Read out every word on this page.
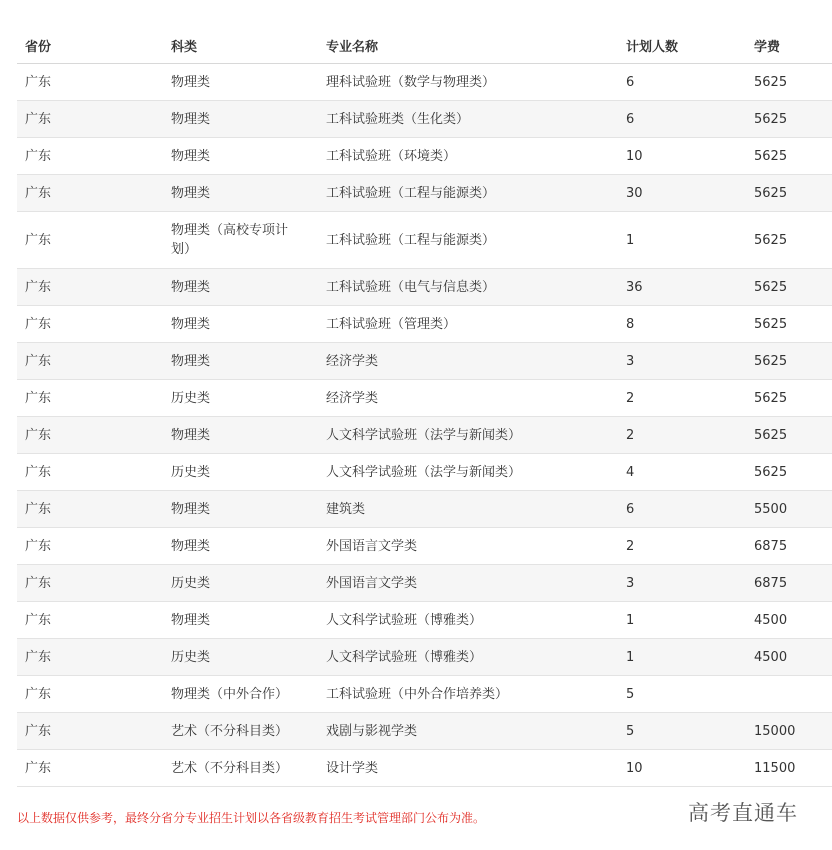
省份	科类	专业名称	计划人数	学费
广东	物理类	理科试验班（数学与物理类）	6	5625
广东	物理类	工科试验班类（生化类）	6	5625
广东	物理类	工科试验班（环境类）	10	5625
广东	物理类	工科试验班（工程与能源类）	30	5625
广东	物理类（高校专项计划）	工科试验班（工程与能源类）	1	5625
广东	物理类	工科试验班（电气与信息类）	36	5625
广东	物理类	工科试验班（管理类）	8	5625
广东	物理类	经济学类	3	5625
广东	历史类	经济学类	2	5625
广东	物理类	人文科学试验班（法学与新闻类）	2	5625
广东	历史类	人文科学试验班（法学与新闻类）	4	5625
广东	物理类	建筑类	6	5500
广东	物理类	外国语言文学类	2	6875
广东	历史类	外国语言文学类	3	6875
广东	物理类	人文科学试验班（博雅类）	1	4500
广东	历史类	人文科学试验班（博雅类）	1	4500
广东	物理类（中外合作）	工科试验班（中外合作培养类）	5	
广东	艺术（不分科目类）	戏剧与影视学类	5	15000
广东	艺术（不分科目类）	设计学类	10	11500
以上数据仅供参考，最终分省分专业招生计划以各省级教育招生考试管理部门公布为准。	高考直通车
